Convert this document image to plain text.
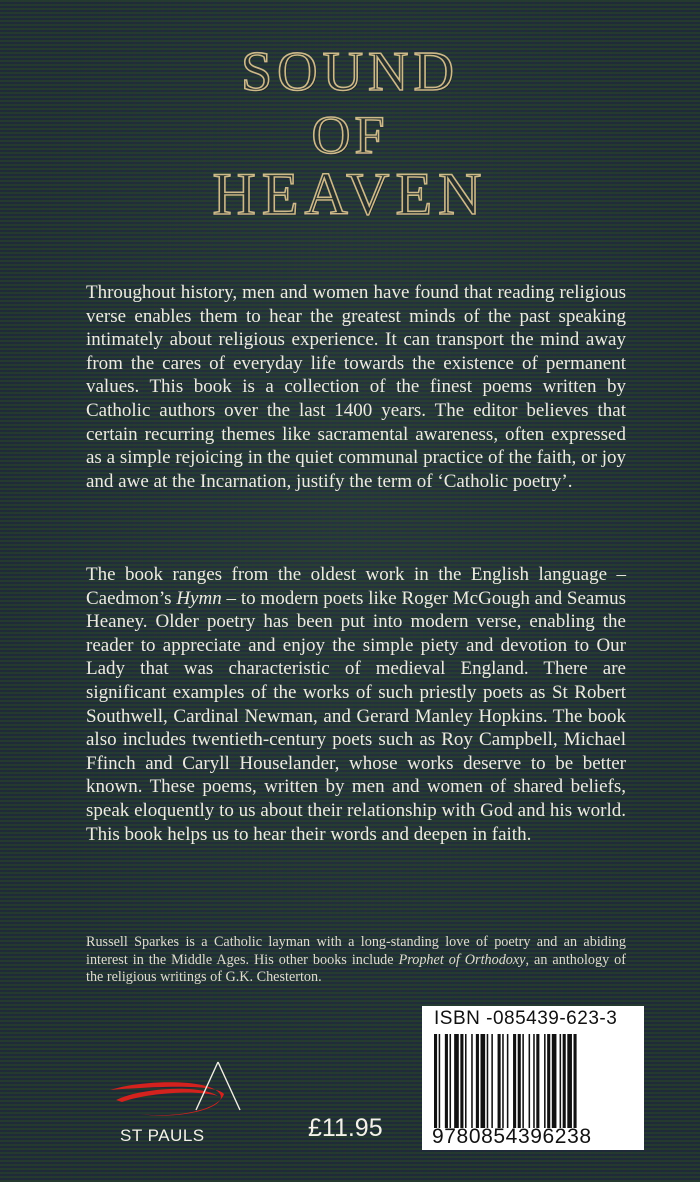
SOUND
OF
HEAVEN

Throughout history, men and women have found that reading religious verse enables them to hear the greatest minds of the past speaking intimately about religious experience. It can transport the mind away from the cares of everyday life towards the existence of permanent values. This book is a collection of the finest poems written by Catholic authors over the last 1400 years. The editor believes that certain recurring themes like sacramental awareness, often expressed as a simple rejoicing in the quiet communal practice of the faith, or joy and awe at the Incarnation, justify the term of ‘Catholic poetry’.

The book ranges from the oldest work in the English language – Caedmon’s Hymn – to modern poets like Roger McGough and Seamus Heaney. Older poetry has been put into modern verse, enabling the reader to appreciate and enjoy the simple piety and devotion to Our Lady that was characteristic of medieval England. There are significant examples of the works of such priestly poets as St Robert Southwell, Cardinal Newman, and Gerard Manley Hopkins. The book also includes twentieth-century poets such as Roy Campbell, Michael Ffinch and Caryll Houselander, whose works deserve to be better known. These poems, written by men and women of shared beliefs, speak eloquently to us about their relationship with God and his world. This book helps us to hear their words and deepen in faith.

Russell Sparkes is a Catholic layman with a long-standing love of poetry and an abiding interest in the Middle Ages. His other books include Prophet of Orthodoxy, an anthology of the religious writings of G.K. Chesterton.

ISBN -085439-623-3
9780854396238
ST PAULS	£11.95
